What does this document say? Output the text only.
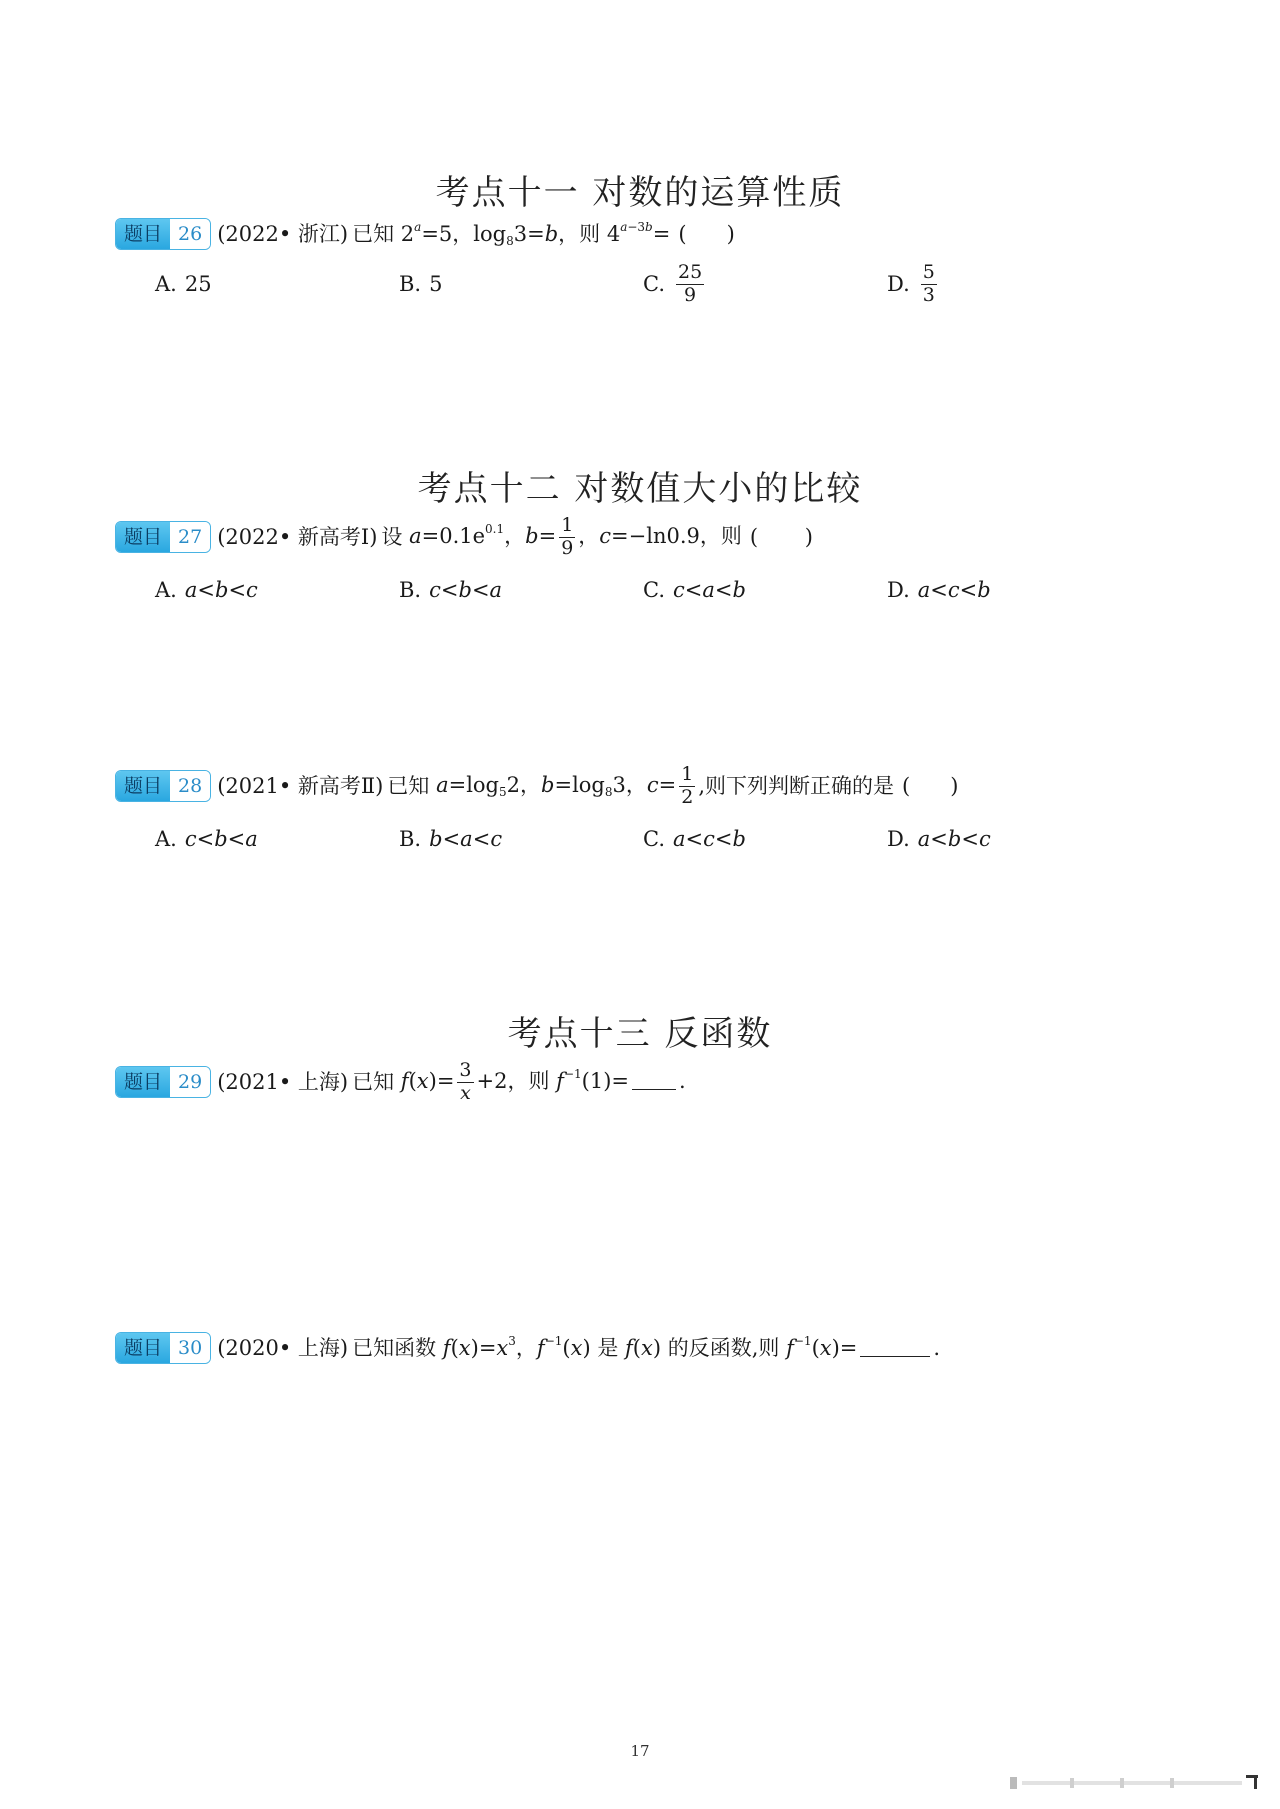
考点十一 对数的运算性质
题目 26 (2022• 浙江) 已知 $2^a=5$，$\log_83=b$，则 $4^{a-3b}=$ (      )
A. 25	B. 5	C. $\frac{25}{9}$	D. $\frac{5}{3}$
考点十二 对数值大小的比较
题目 27 (2022• 新高考Ⅰ) 设 $a=0.1e^{0.1}$，$b= \frac{1}{9}$ ，c=−ln0.9，则 (       )
A. a<b<c	B. c<b<a	C. c<a<b	D. a<c<b
题目 28 (2021• 新高考Ⅱ) 已知 $a=\log_52$，$b=\log_83$，$c= \frac{1}{2}$ ,则下列判断正确的是 (      )
A. c<b<a	B. b<a<c	C. a<c<b	D. a<b<c
考点十三 反函数
题目 29 (2021• 上海) 已知 $f(x)= \frac{3}{x} +2$，则 $f^{-1}(1)=$ .
题目 30 (2020• 上海) 已知函数 $f(x)=x^3$，$f^{-1}(x)$ 是 f(x) 的反函数,则 $f^{-1}(x)=$	.
17
